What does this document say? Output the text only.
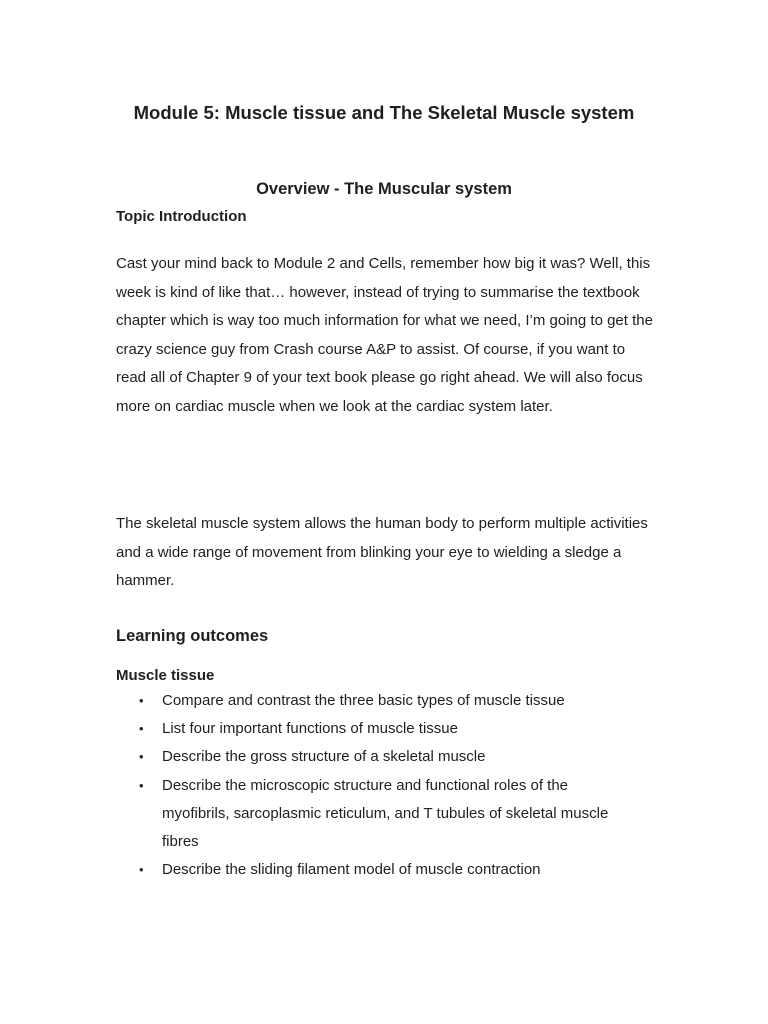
Module 5: Muscle tissue and The Skeletal Muscle system
Overview - The Muscular system
Topic Introduction

Cast your mind back to Module 2 and Cells, remember how big it was? Well, this week is kind of like that… however, instead of trying to summarise the textbook chapter which is way too much information for what we need, I’m going to get the crazy science guy from Crash course A&P to assist. Of course, if you want to read all of Chapter 9 of your text book please go right ahead. We will also focus more on cardiac muscle when we look at the cardiac system later.

The skeletal muscle system allows the human body to perform multiple activities and a wide range of movement from blinking your eye to wielding a sledge a hammer.

Learning outcomes
Muscle tissue
• Compare and contrast the three basic types of muscle tissue
• List four important functions of muscle tissue
• Describe the gross structure of a skeletal muscle
• Describe the microscopic structure and functional roles of the myofibrils, sarcoplasmic reticulum, and T tubules of skeletal muscle fibres
• Describe the sliding filament model of muscle contraction
